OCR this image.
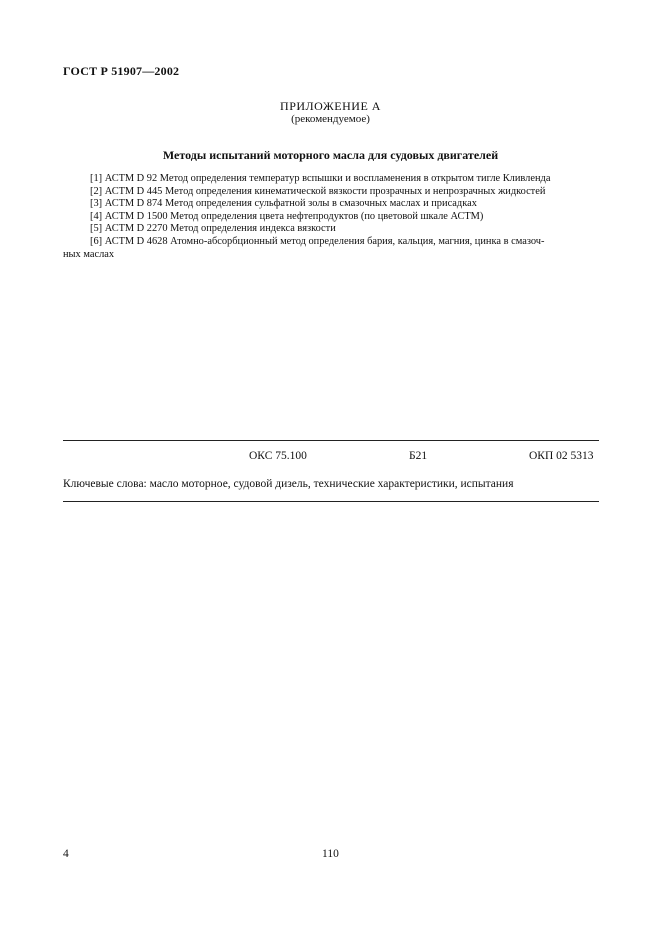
ГОСТ Р 51907—2002
ПРИЛОЖЕНИЕ А
(рекомендуемое)
Методы испытаний моторного масла для судовых двигателей
[1] АСТМ D 92 Метод определения температур вспышки и воспламенения в открытом тигле Кливленда
[2] АСТМ D 445 Метод определения кинематической вязкости прозрачных и непрозрачных жидкостей
[3] АСТМ D 874 Метод определения сульфатной золы в смазочных маслах и присадках
[4] АСТМ D 1500 Метод определения цвета нефтепродуктов (по цветовой шкале АСТМ)
[5] АСТМ D 2270 Метод определения индекса вязкости
[6] АСТМ D 4628 Атомно-абсорбционный метод определения бария, кальция, магния, цинка в смазоч-
ных маслах
ОКС 75.100	Б21	ОКП 02 5313
Ключевые слова: масло моторное, судовой дизель, технические характеристики, испытания
4	110
